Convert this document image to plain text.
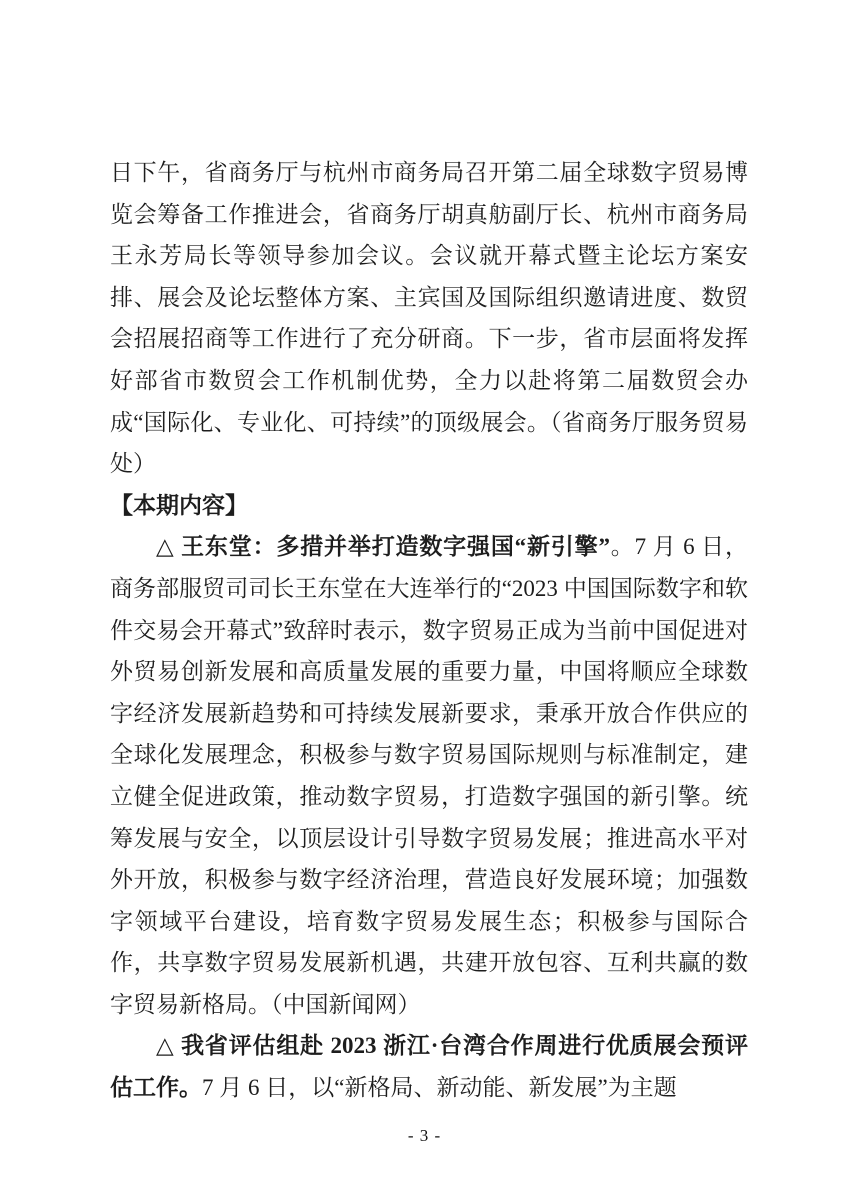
日下午，省商务厅与杭州市商务局召开第二届全球数字贸易博览会筹备工作推进会，省商务厅胡真舫副厅长、杭州市商务局王永芳局长等领导参加会议。会议就开幕式暨主论坛方案安排、展会及论坛整体方案、主宾国及国际组织邀请进度、数贸会招展招商等工作进行了充分研商。下一步，省市层面将发挥好部省市数贸会工作机制优势，全力以赴将第二届数贸会办成“国际化、专业化、可持续”的顶级展会。（省商务厅服务贸易处）

【本期内容】

△ 王东堂：多措并举打造数字强国“新引擎”。7 月 6 日，商务部服贸司司长王东堂在大连举行的“2023 中国国际数字和软件交易会开幕式”致辞时表示，数字贸易正成为当前中国促进对外贸易创新发展和高质量发展的重要力量，中国将顺应全球数字经济发展新趋势和可持续发展新要求，秉承开放合作供应的全球化发展理念，积极参与数字贸易国际规则与标准制定，建立健全促进政策，推动数字贸易，打造数字强国的新引擎。统筹发展与安全，以顶层设计引导数字贸易发展；推进高水平对外开放，积极参与数字经济治理，营造良好发展环境；加强数字领域平台建设，培育数字贸易发展生态；积极参与国际合作，共享数字贸易发展新机遇，共建开放包容、互利共赢的数字贸易新格局。（中国新闻网）

△ 我省评估组赴 2023 浙江·台湾合作周进行优质展会预评估工作。7 月 6 日，以“新格局、新动能、新发展”为主题

- 3 -
